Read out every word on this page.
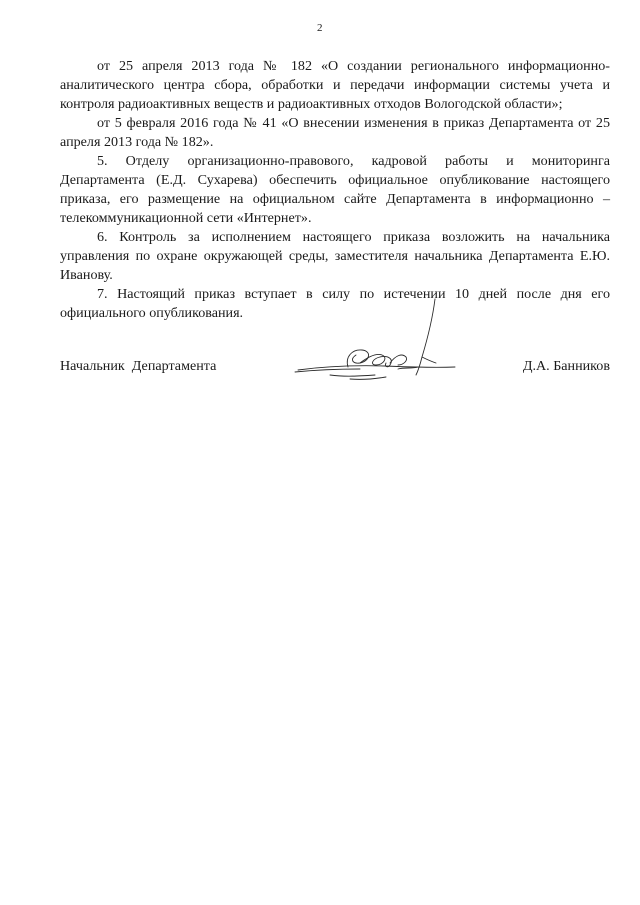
2

от 25 апреля 2013 года № 182 «О создании регионального информационно-аналитического центра сбора, обработки и передачи информации системы учета и контроля радиоактивных веществ и радиоактивных отходов Вологодской области»;

от 5 февраля 2016 года № 41 «О внесении изменения в приказ Департамента от 25 апреля 2013 года № 182».

5. Отделу организационно-правового, кадровой работы и мониторинга Департамента (Е.Д. Сухарева) обеспечить официальное опубликование настоящего приказа, его размещение на официальном сайте Департамента в информационно – телекоммуникационной сети «Интернет».

6. Контроль за исполнением настоящего приказа возложить на начальника управления по охране окружающей среды, заместителя начальника Департамента Е.Ю. Иванову.

7. Настоящий приказ вступает в силу по истечении 10 дней после дня его официального опубликования.

Начальник  Департамента	Д.А. Банников
